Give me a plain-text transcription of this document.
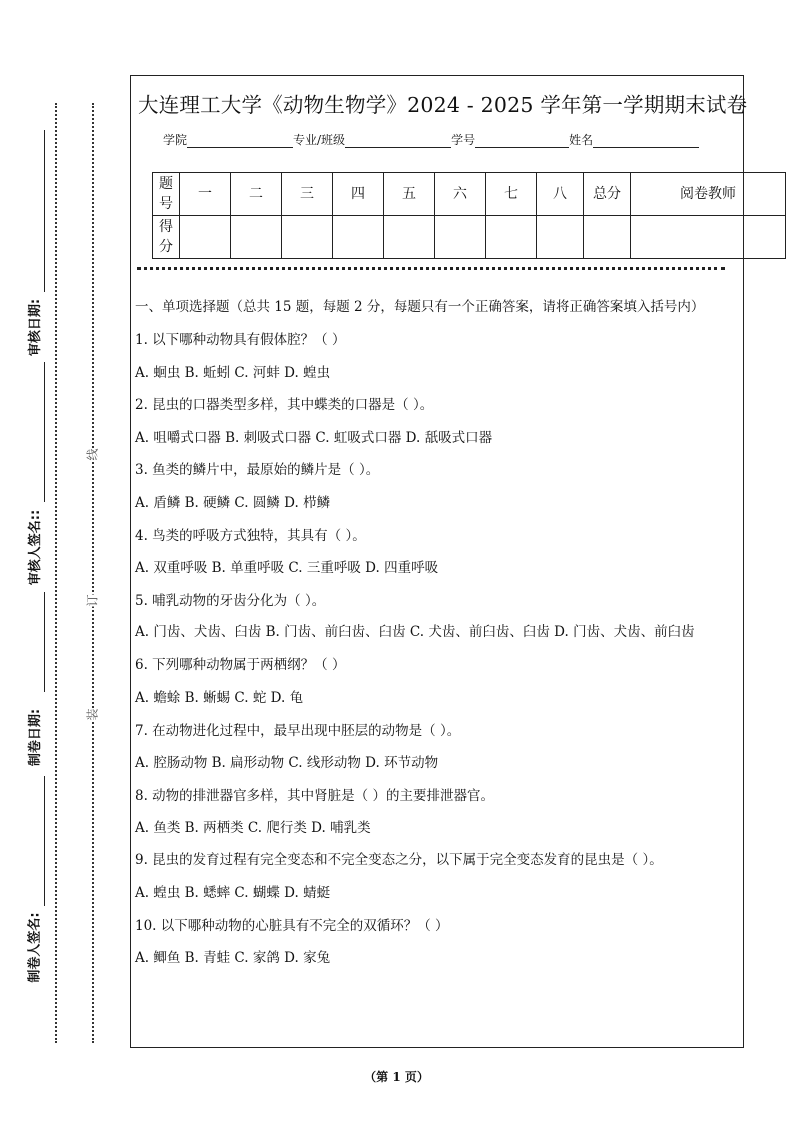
大连理工大学《动物生物学》2024 - 2025 学年第一学期期末试卷
学院	专业/班级	学号	姓名
题号	一	二	三	四	五	六	七	八	总分	阅卷教师
得分										

一、单项选择题（总共 15 题，每题 2 分，每题只有一个正确答案，请将正确答案填入括号内）

1. 以下哪种动物具有假体腔？（ ）

A. 蛔虫 B. 蚯蚓 C. 河蚌 D. 蝗虫

2. 昆虫的口器类型多样，其中蝶类的口器是（ ）。

A. 咀嚼式口器 B. 刺吸式口器 C. 虹吸式口器 D. 舐吸式口器

3. 鱼类的鳞片中，最原始的鳞片是（ ）。

A. 盾鳞 B. 硬鳞 C. 圆鳞 D. 栉鳞

4. 鸟类的呼吸方式独特，其具有（ ）。

A. 双重呼吸 B. 单重呼吸 C. 三重呼吸 D. 四重呼吸

5. 哺乳动物的牙齿分化为（ ）。

A. 门齿、犬齿、臼齿 B. 门齿、前臼齿、臼齿 C. 犬齿、前臼齿、臼齿 D. 门齿、犬齿、前臼齿

6. 下列哪种动物属于两栖纲？（ ）

A. 蟾蜍 B. 蜥蜴 C. 蛇 D. 龟

7. 在动物进化过程中，最早出现中胚层的动物是（ ）。

A. 腔肠动物 B. 扁形动物 C. 线形动物 D. 环节动物

8. 动物的排泄器官多样，其中肾脏是（ ）的主要排泄器官。

A. 鱼类 B. 两栖类 C. 爬行类 D. 哺乳类

9. 昆虫的发育过程有完全变态和不完全变态之分，以下属于完全变态发育的昆虫是（ ）。

A. 蝗虫 B. 蟋蟀 C. 蝴蝶 D. 蜻蜓

10. 以下哪种动物的心脏具有不完全的双循环？（ ）

A. 鲫鱼 B. 青蛙 C. 家鸽 D. 家兔

线
订
装
审核日期:
审核人签名::
制卷日期:
制卷人签名:
（第 1 页）
